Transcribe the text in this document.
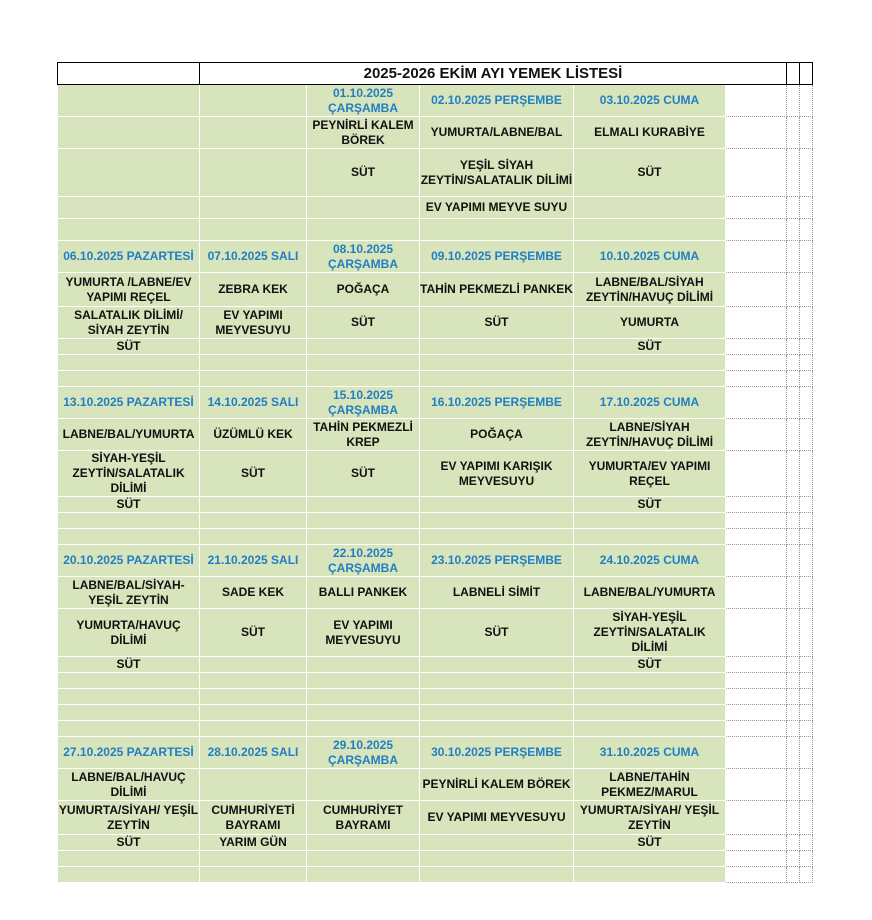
	2025-2026 EKİM AYI YEMEK LİSTESİ						
		01.10.2025 ÇARŞAMBA	02.10.2025 PERŞEMBE	03.10.2025 CUMA			
		PEYNİRLİ KALEM BÖREK	YUMURTA/LABNE/BAL	ELMALI KURABİYE			
		SÜT	YEŞİL SİYAH ZEYTİN/SALATALIK DİLİMİ	SÜT			
			EV YAPIMI MEYVE SUYU				

06.10.2025 PAZARTESİ	07.10.2025 SALI	08.10.2025 ÇARŞAMBA	09.10.2025 PERŞEMBE	10.10.2025 CUMA			
YUMURTA /LABNE/EV YAPIMI REÇEL	ZEBRA KEK	POĞAÇA	TAHİN PEKMEZLİ PANKEK	LABNE/BAL/SİYAH ZEYTİN/HAVUÇ DİLİMİ			
SALATALIK DİLİMİ/ SİYAH ZEYTİN	EV YAPIMI MEYVESUYU	SÜT	SÜT	YUMURTA			
SÜT				SÜT			

13.10.2025 PAZARTESİ	14.10.2025 SALI	15.10.2025 ÇARŞAMBA	16.10.2025 PERŞEMBE	17.10.2025 CUMA			
LABNE/BAL/YUMURTA	ÜZÜMLÜ KEK	TAHİN PEKMEZLİ KREP	POĞAÇA	LABNE/SİYAH ZEYTİN/HAVUÇ DİLİMİ			
SİYAH-YEŞİL ZEYTİN/SALATALIK DİLİMİ	SÜT	SÜT	EV YAPIMI KARIŞIK MEYVESUYU	YUMURTA/EV YAPIMI REÇEL			
SÜT				SÜT			

20.10.2025 PAZARTESİ	21.10.2025 SALI	22.10.2025 ÇARŞAMBA	23.10.2025 PERŞEMBE	24.10.2025 CUMA			
LABNE/BAL/SİYAH-YEŞİL ZEYTİN	SADE KEK	BALLI PANKEK	LABNELİ SİMİT	LABNE/BAL/YUMURTA			
YUMURTA/HAVUÇ DİLİMİ	SÜT	EV YAPIMI MEYVESUYU	SÜT	SİYAH-YEŞİL ZEYTİN/SALATALIK DİLİMİ			
SÜT				SÜT			

27.10.2025 PAZARTESİ	28.10.2025 SALI	29.10.2025 ÇARŞAMBA	30.10.2025 PERŞEMBE	31.10.2025 CUMA			
LABNE/BAL/HAVUÇ DİLİMİ			PEYNİRLİ KALEM BÖREK	LABNE/TAHİN PEKMEZ/MARUL			
YUMURTA/SİYAH/ YEŞİL ZEYTİN	CUMHURİYETİ BAYRAMI	CUMHURİYET BAYRAMI	EV YAPIMI MEYVESUYU	YUMURTA/SİYAH/ YEŞİL ZEYTİN			
SÜT	YARIM GÜN			SÜT			
